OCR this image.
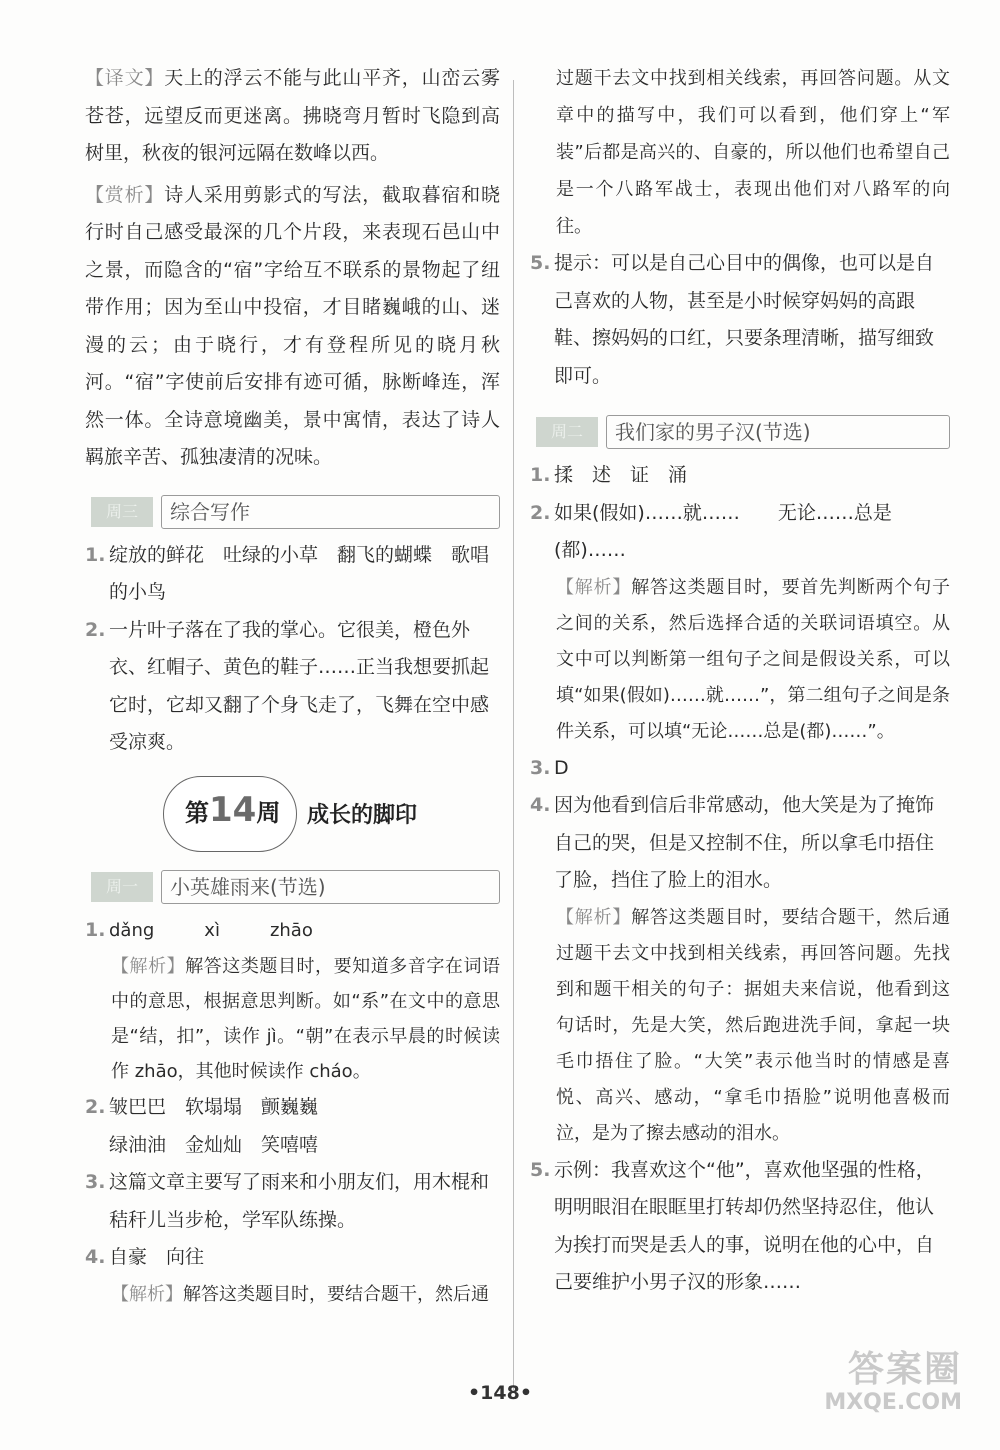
【译文】天上的浮云不能与此山平齐，山峦云雾苍苍，远望反而更迷离。拂晓弯月暂时飞隐到高树里，秋夜的银河远隔在数峰以西。

【赏析】诗人采用剪影式的写法，截取暮宿和晓行时自己感受最深的几个片段，来表现石邑山中之景，而隐含的“宿”字给互不联系的景物起了纽带作用；因为至山中投宿，才目睹巍峨的山、迷漫的云；由于晓行，才有登程所见的晓月秋河。“宿”字使前后安排有迹可循，脉断峰连，浑然一体。全诗意境幽美，景中寓情，表达了诗人羁旅辛苦、孤独凄清的况味。

周三	综合写作
1. 绽放的鲜花　吐绿的小草　翻飞的蝴蝶　歌唱的小鸟
2. 一片叶子落在了我的掌心。它很美，橙色外衣、红帽子、黄色的鞋子……正当我想要抓起它时，它却又翻了个身飞走了，飞舞在空中感受凉爽。
第14周 成长的脚印
周一	小英雄雨来(节选)
1. dǎng	xì	zhāo

【解析】解答这类题目时，要知道多音字在词语中的意思，根据意思判断。如“系”在文中的意思是“结，扣”，读作 jì。“朝”在表示早晨的时候读作 zhāo，其他时候读作 cháo。

2. 皱巴巴　软塌塌　颤巍巍
绿油油　金灿灿　笑嘻嘻
3. 这篇文章主要写了雨来和小朋友们，用木棍和秸秆儿当步枪，学军队练操。
4. 自豪　向往

【解析】解答这类题目时，要结合题干，然后通

过题干去文中找到相关线索，再回答问题。从文章中的描写中，我们可以看到，他们穿上“军装”后都是高兴的、自豪的，所以他们也希望自己是一个八路军战士，表现出他们对八路军的向往。

5. 提示：可以是自己心目中的偶像，也可以是自己喜欢的人物，甚至是小时候穿妈妈的高跟鞋、擦妈妈的口红，只要条理清晰，描写细致即可。
周二	我们家的男子汉(节选)
1. 揉　述　证　涌
2. 如果(假如)……就……　　无论……总是(都)……

【解析】解答这类题目时，要首先判断两个句子之间的关系，然后选择合适的关联词语填空。从文中可以判断第一组句子之间是假设关系，可以填“如果(假如)……就……”，第二组句子之间是条件关系，可以填“无论……总是(都)……”。

3. D
4. 因为他看到信后非常感动，他大笑是为了掩饰自己的哭，但是又控制不住，所以拿毛巾捂住了脸，挡住了脸上的泪水。

【解析】解答这类题目时，要结合题干，然后通过题干去文中找到相关线索，再回答问题。先找到和题干相关的句子：据姐夫来信说，他看到这句话时，先是大笑，然后跑进洗手间，拿起一块毛巾捂住了脸。“大笑”表示他当时的情感是喜悦、高兴、感动，“拿毛巾捂脸”说明他喜极而泣，是为了擦去感动的泪水。

5. 示例：我喜欢这个“他”，喜欢他坚强的性格，明明眼泪在眼眶里打转却仍然坚持忍住，他认为挨打而哭是丢人的事，说明在他的心中，自己要维护小男子汉的形象……
•148•
答案圈
MXQE.COM
